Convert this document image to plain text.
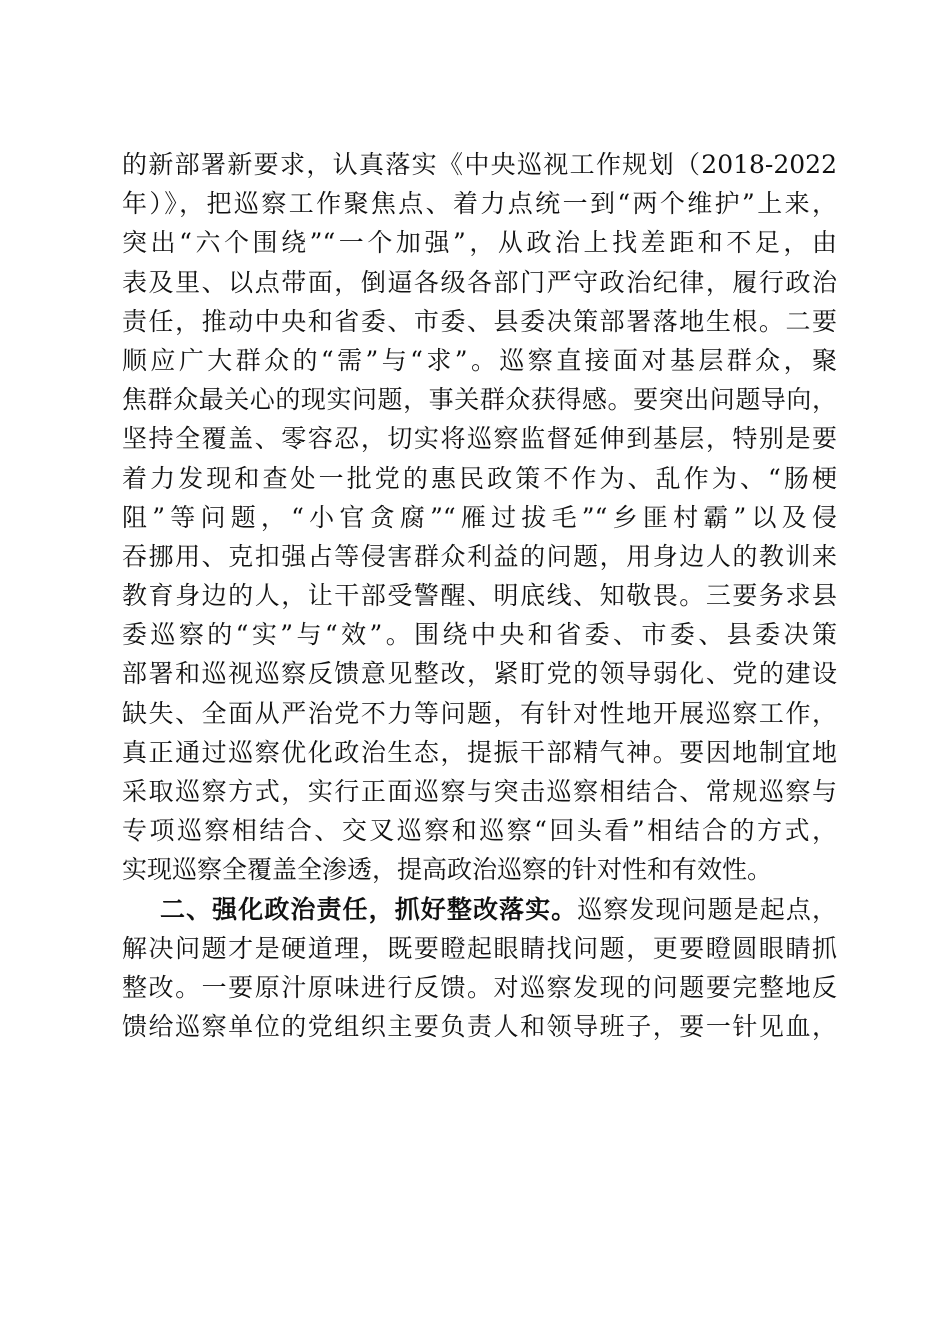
的新部署新要求，认真落实《中央巡视工作规划（2018-2022
年）》，把巡察工作聚焦点、着力点统一到“两个维护”上来，
突出“六个围绕”“一个加强”，从政治上找差距和不足，由
表及里、以点带面，倒逼各级各部门严守政治纪律，履行政治
责任，推动中央和省委、市委、县委决策部署落地生根。二要
顺应广大群众的“需”与“求”。巡察直接面对基层群众，聚
焦群众最关心的现实问题，事关群众获得感。要突出问题导向，
坚持全覆盖、零容忍，切实将巡察监督延伸到基层，特别是要
着力发现和查处一批党的惠民政策不作为、乱作为、“肠梗
阻”等问题，“小官贪腐”“雁过拔毛”“乡匪村霸”以及侵
吞挪用、克扣强占等侵害群众利益的问题，用身边人的教训来
教育身边的人，让干部受警醒、明底线、知敬畏。三要务求县
委巡察的“实”与“效”。围绕中央和省委、市委、县委决策
部署和巡视巡察反馈意见整改，紧盯党的领导弱化、党的建设
缺失、全面从严治党不力等问题，有针对性地开展巡察工作，
真正通过巡察优化政治生态，提振干部精气神。要因地制宜地
采取巡察方式，实行正面巡察与突击巡察相结合、常规巡察与
专项巡察相结合、交叉巡察和巡察“回头看”相结合的方式，
实现巡察全覆盖全渗透，提高政治巡察的针对性和有效性。
二、强化政治责任，抓好整改落实。巡察发现问题是起点，
解决问题才是硬道理，既要瞪起眼睛找问题，更要瞪圆眼睛抓
整改。一要原汁原味进行反馈。对巡察发现的问题要完整地反
馈给巡察单位的党组织主要负责人和领导班子，要一针见血，
